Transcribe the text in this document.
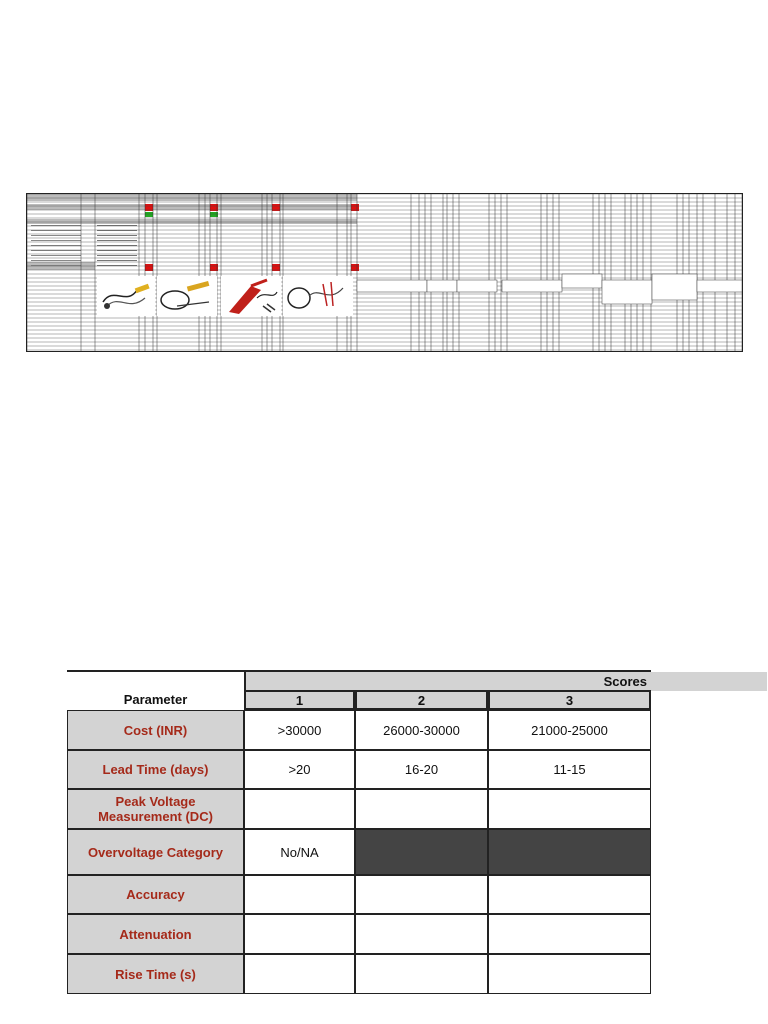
Scores
Parameter	1	2	3
Cost (INR)	>30000	26000-30000	21000-25000
Lead Time (days)	>20	16-20	11-15
Peak Voltage Measurement (DC)
Overvoltage Category	No/NA
Accuracy
Attenuation
Rise Time (s)
